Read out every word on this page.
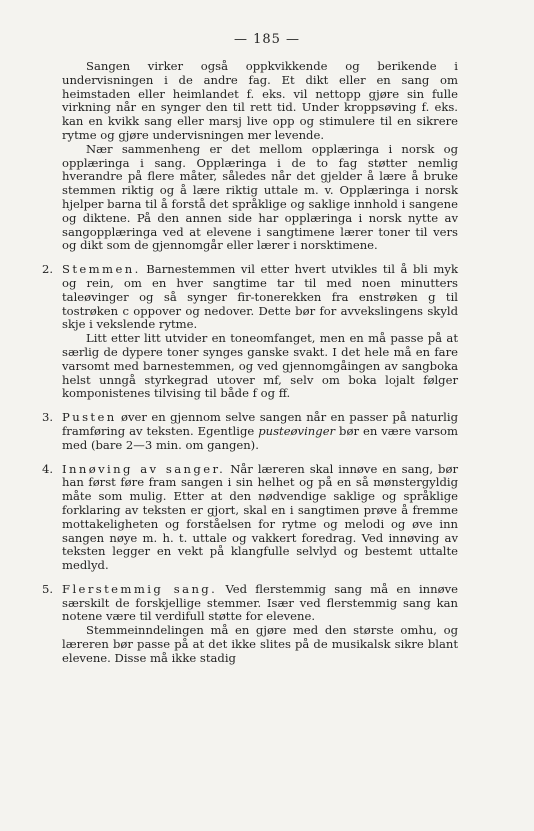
— 185 —

Sangen virker også oppkvikkende og berikende i undervisningen i de andre fag. Et dikt eller en sang om heimstaden eller heimlandet f. eks. vil nettopp gjøre sin fulle virkning når en synger den til rett tid. Under kroppsøving f. eks. kan en kvikk sang eller marsj live opp og stimulere til en sikrere rytme og gjøre undervisningen mer levende.

Nær sammenheng er det mellom opplæringa i norsk og opplæringa i sang. Opplæringa i de to fag støtter nemlig hverandre på flere måter, således når det gjelder å lære å bruke stemmen riktig og å lære riktig uttale m. v. Opplæringa i norsk hjelper barna til å forstå det språklige og saklige innhold i sangene og diktene. På den annen side har opplæringa i norsk nytte av sangopplæringa ved at elevene i sangtimene lærer toner til vers og dikt som de gjennomgår eller lærer i norsktimene.

2. Stemmen. Barnestemmen vil etter hvert utvikles til å bli myk og rein, om en hver sangtime tar til med noen minutters taleøvinger og så synger fir-tonerekken fra enstrøken g til tostrøken c oppover og nedover. Dette bør for avvekslingens skyld skje i vekslende rytme.

Litt etter litt utvider en toneomfanget, men en må passe på at særlig de dypere toner synges ganske svakt. I det hele må en fare varsomt med barnestemmen, og ved gjennomgåingen av sangboka helst unngå styrkegrad utover mf, selv om boka lojalt følger komponistenes tilvising til både f og ff.

3. Pusten øver en gjennom selve sangen når en passer på naturlig framføring av teksten. Egentlige pusteøvinger bør en være varsom med (bare 2—3 min. om gangen).

4. Innøving av sanger. Når læreren skal innøve en sang, bør han først føre fram sangen i sin helhet og på en så mønstergyldig måte som mulig. Etter at den nødvendige saklige og språklige forklaring av teksten er gjort, skal en i sangtimen prøve å fremme mottakeligheten og forståelsen for rytme og melodi og øve inn sangen nøye m. h. t. uttale og vakkert foredrag. Ved innøving av teksten legger en vekt på klangfulle selvlyd og bestemt uttalte medlyd.

5. Flerstemmig sang. Ved flerstemmig sang må en innøve særskilt de forskjellige stemmer. Især ved flerstemmig sang kan notene være til verdifull støtte for elevene.

Stemmeinndelingen må en gjøre med den største omhu, og læreren bør passe på at det ikke slites på de musikalsk sikre blant elevene. Disse må ikke stadig
